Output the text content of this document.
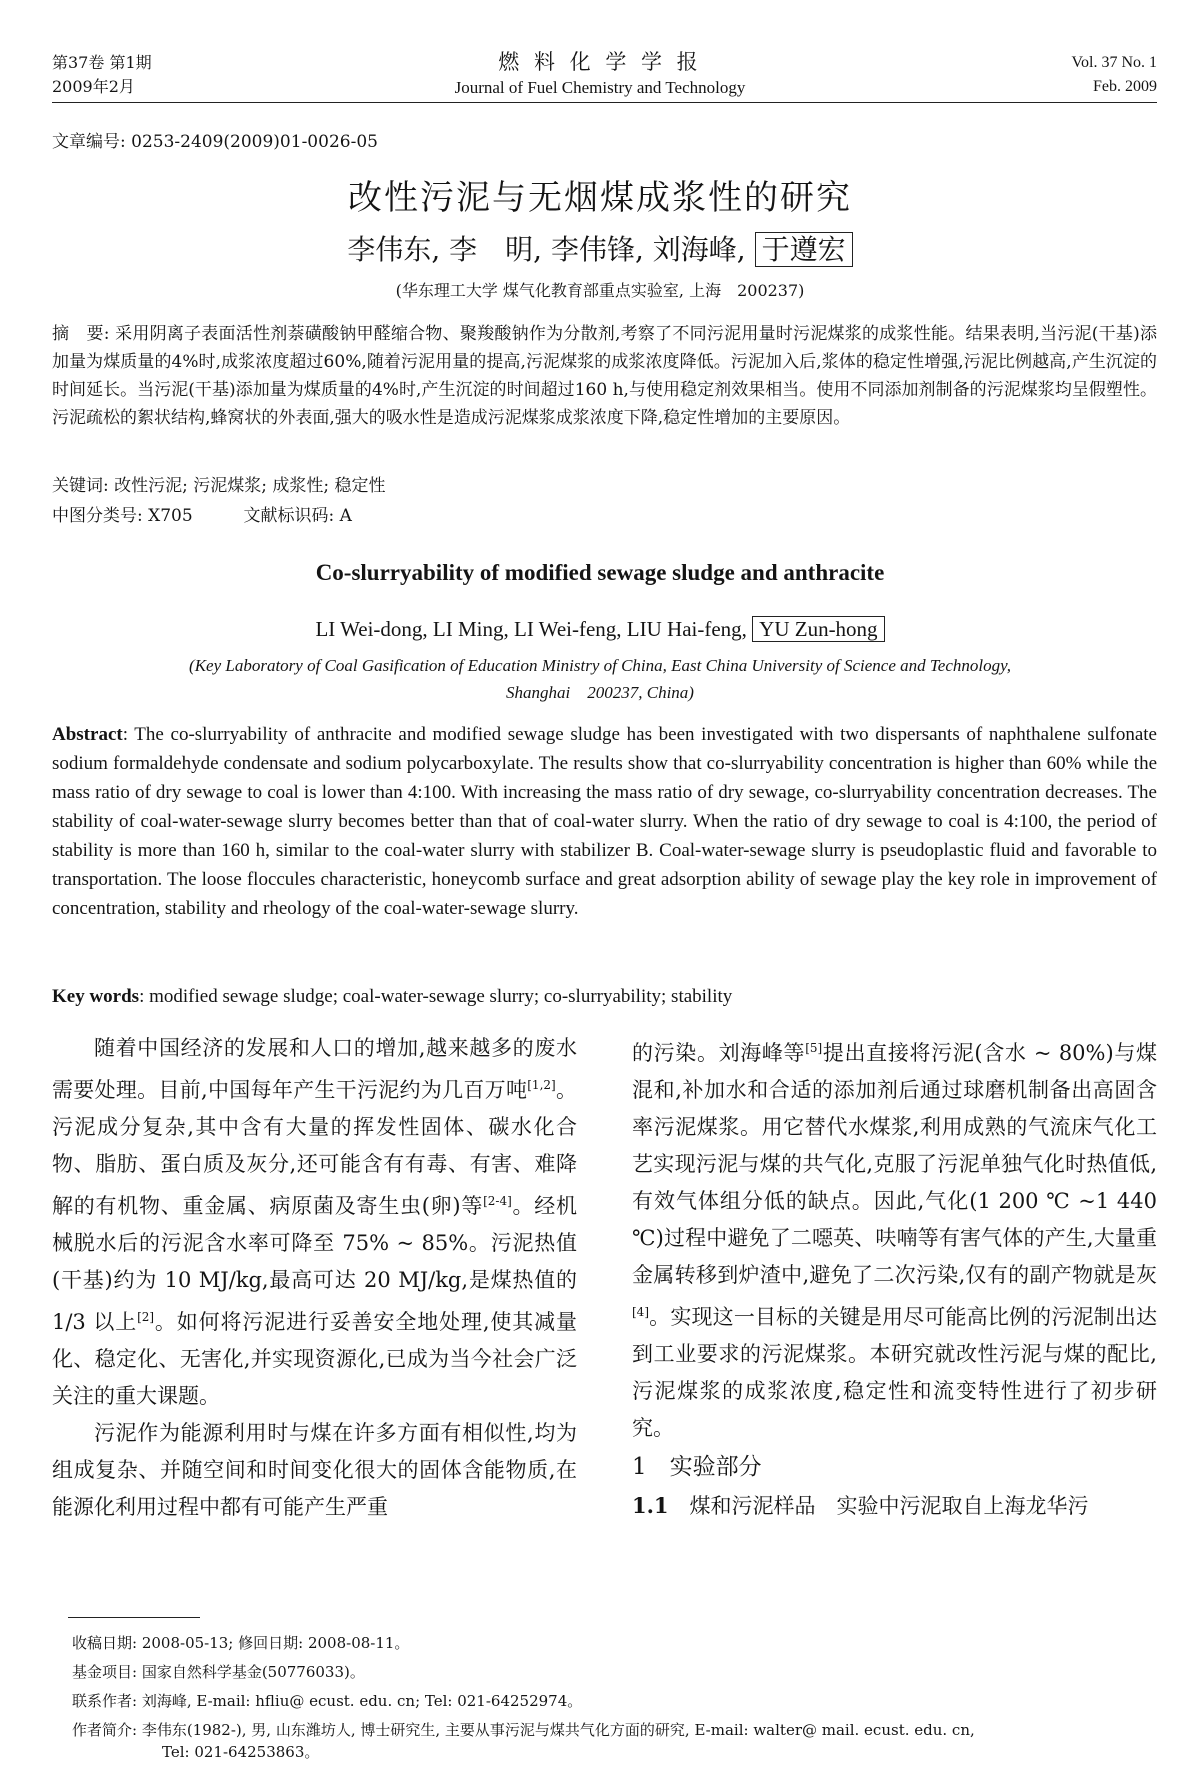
第37卷 第1期
2009年2月
燃 料 化 学 学 报
Journal of Fuel Chemistry and Technology
Vol. 37 No. 1
Feb. 2009
文章编号: 0253-2409(2009)01-0026-05
改性污泥与无烟煤成浆性的研究
李伟东, 李　明, 李伟锋, 刘海峰, 于遵宏
(华东理工大学 煤气化教育部重点实验室, 上海　200237)
摘　要: 采用阴离子表面活性剂萘磺酸钠甲醛缩合物、聚羧酸钠作为分散剂,考察了不同污泥用量时污泥煤浆的成浆性能。结果表明,当污泥(干基)添加量为煤质量的4%时,成浆浓度超过60%,随着污泥用量的提高,污泥煤浆的成浆浓度降低。污泥加入后,浆体的稳定性增强,污泥比例越高,产生沉淀的时间延长。当污泥(干基)添加量为煤质量的4%时,产生沉淀的时间超过160 h,与使用稳定剂效果相当。使用不同添加剂制备的污泥煤浆均呈假塑性。污泥疏松的絮状结构,蜂窝状的外表面,强大的吸水性是造成污泥煤浆成浆浓度下降,稳定性增加的主要原因。
关键词: 改性污泥; 污泥煤浆; 成浆性; 稳定性
中图分类号: X705	文献标识码: A
Co-slurryability of modified sewage sludge and anthracite
LI Wei-dong, LI Ming, LI Wei-feng, LIU Hai-feng, YU Zun-hong
(Key Laboratory of Coal Gasification of Education Ministry of China, East China University of Science and Technology,
Shanghai　200237, China)
Abstract: The co-slurryability of anthracite and modified sewage sludge has been investigated with two dispersants of naphthalene sulfonate sodium formaldehyde condensate and sodium polycarboxylate. The results show that co-slurryability concentration is higher than 60% while the mass ratio of dry sewage to coal is lower than 4:100. With increasing the mass ratio of dry sewage, co-slurryability concentration decreases. The stability of coal-water-sewage slurry becomes better than that of coal-water slurry. When the ratio of dry sewage to coal is 4:100, the period of stability is more than 160 h, similar to the coal-water slurry with stabilizer B. Coal-water-sewage slurry is pseudoplastic fluid and favorable to transportation. The loose floccules characteristic, honeycomb surface and great adsorption ability of sewage play the key role in improvement of concentration, stability and rheology of the coal-water-sewage slurry.
Key words: modified sewage sludge; coal-water-sewage slurry; co-slurryability; stability

随着中国经济的发展和人口的增加,越来越多的废水需要处理。目前,中国每年产生干污泥约为几百万吨[1,2]。污泥成分复杂,其中含有大量的挥发性固体、碳水化合物、脂肪、蛋白质及灰分,还可能含有有毒、有害、难降解的有机物、重金属、病原菌及寄生虫(卵)等[2-4]。经机械脱水后的污泥含水率可降至 75% ~ 85%。污泥热值(干基)约为 10 MJ/kg,最高可达 20 MJ/kg,是煤热值的 1/3 以上[2]。如何将污泥进行妥善安全地处理,使其减量化、稳定化、无害化,并实现资源化,已成为当今社会广泛关注的重大课题。

污泥作为能源利用时与煤在许多方面有相似性,均为组成复杂、并随空间和时间变化很大的固体含能物质,在能源化利用过程中都有可能产生严重

的污染。刘海峰等[5]提出直接将污泥(含水 ~ 80%)与煤混和,补加水和合适的添加剂后通过球磨机制备出高固含率污泥煤浆。用它替代水煤浆,利用成熟的气流床气化工艺实现污泥与煤的共气化,克服了污泥单独气化时热值低,有效气体组分低的缺点。因此,气化(1 200 ℃ ~1 440 ℃)过程中避免了二噁英、呋喃等有害气体的产生,大量重金属转移到炉渣中,避免了二次污染,仅有的副产物就是灰[4]。实现这一目标的关键是用尽可能高比例的污泥制出达到工业要求的污泥煤浆。本研究就改性污泥与煤的配比,污泥煤浆的成浆浓度,稳定性和流变特性进行了初步研究。

1　实验部分

1.1　煤和污泥样品　实验中污泥取自上海龙华污

收稿日期: 2008-05-13; 修回日期: 2008-08-11。
基金项目: 国家自然科学基金(50776033)。
联系作者: 刘海峰, E-mail: hfliu@ ecust. edu. cn; Tel: 021-64252974。
作者简介: 李伟东(1982-), 男, 山东潍坊人, 博士研究生, 主要从事污泥与煤共气化方面的研究, E-mail: walter@ mail. ecust. edu. cn,
Tel: 021-64253863。
